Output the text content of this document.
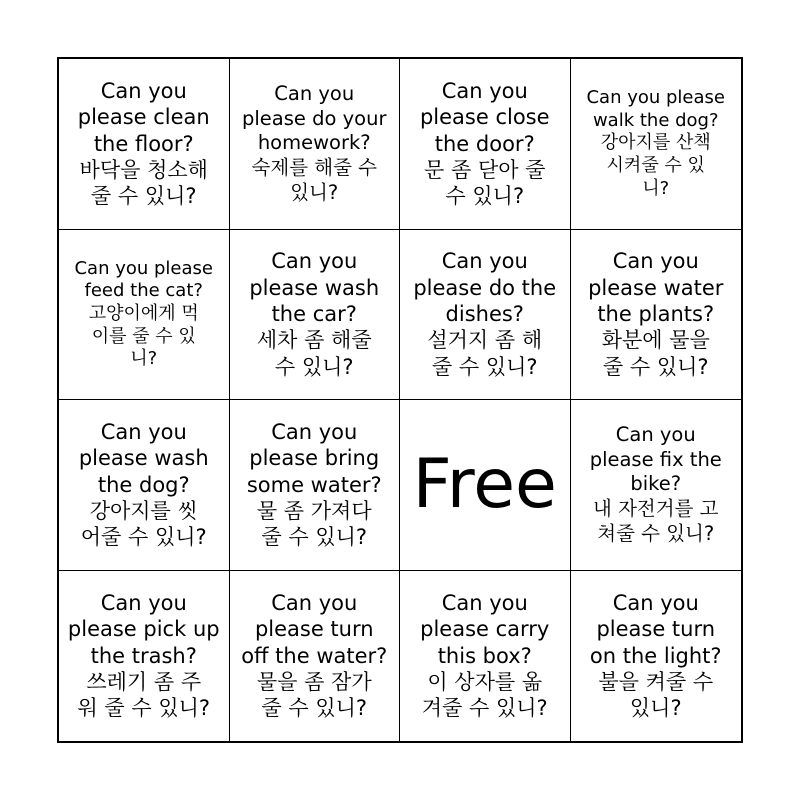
Can you
please clean
the floor?
바닥을 청소해
줄 수 있니?
Can you
please do your
homework?
숙제를 해줄 수
있니?
Can you
please close
the door?
문 좀 닫아 줄
수 있니?
Can you please
walk the dog?
강아지를 산책
시켜줄 수 있
니?
Can you please
feed the cat?
고양이에게 먹
이를 줄 수 있
니?
Can you
please wash
the car?
세차 좀 해줄
수 있니?
Can you
please do the
dishes?
설거지 좀 해
줄 수 있니?
Can you
please water
the plants?
화분에 물을
줄 수 있니?
Can you
please wash
the dog?
강아지를 씻
어줄 수 있니?
Can you
please bring
some water?
물 좀 가져다
줄 수 있니?
Free
Can you
please fix the
bike?
내 자전거를 고
쳐줄 수 있니?
Can you
please pick up
the trash?
쓰레기 좀 주
워 줄 수 있니?
Can you
please turn
off the water?
물을 좀 잠가
줄 수 있니?
Can you
please carry
this box?
이 상자를 옮
겨줄 수 있니?
Can you
please turn
on the light?
불을 켜줄 수
있니?
